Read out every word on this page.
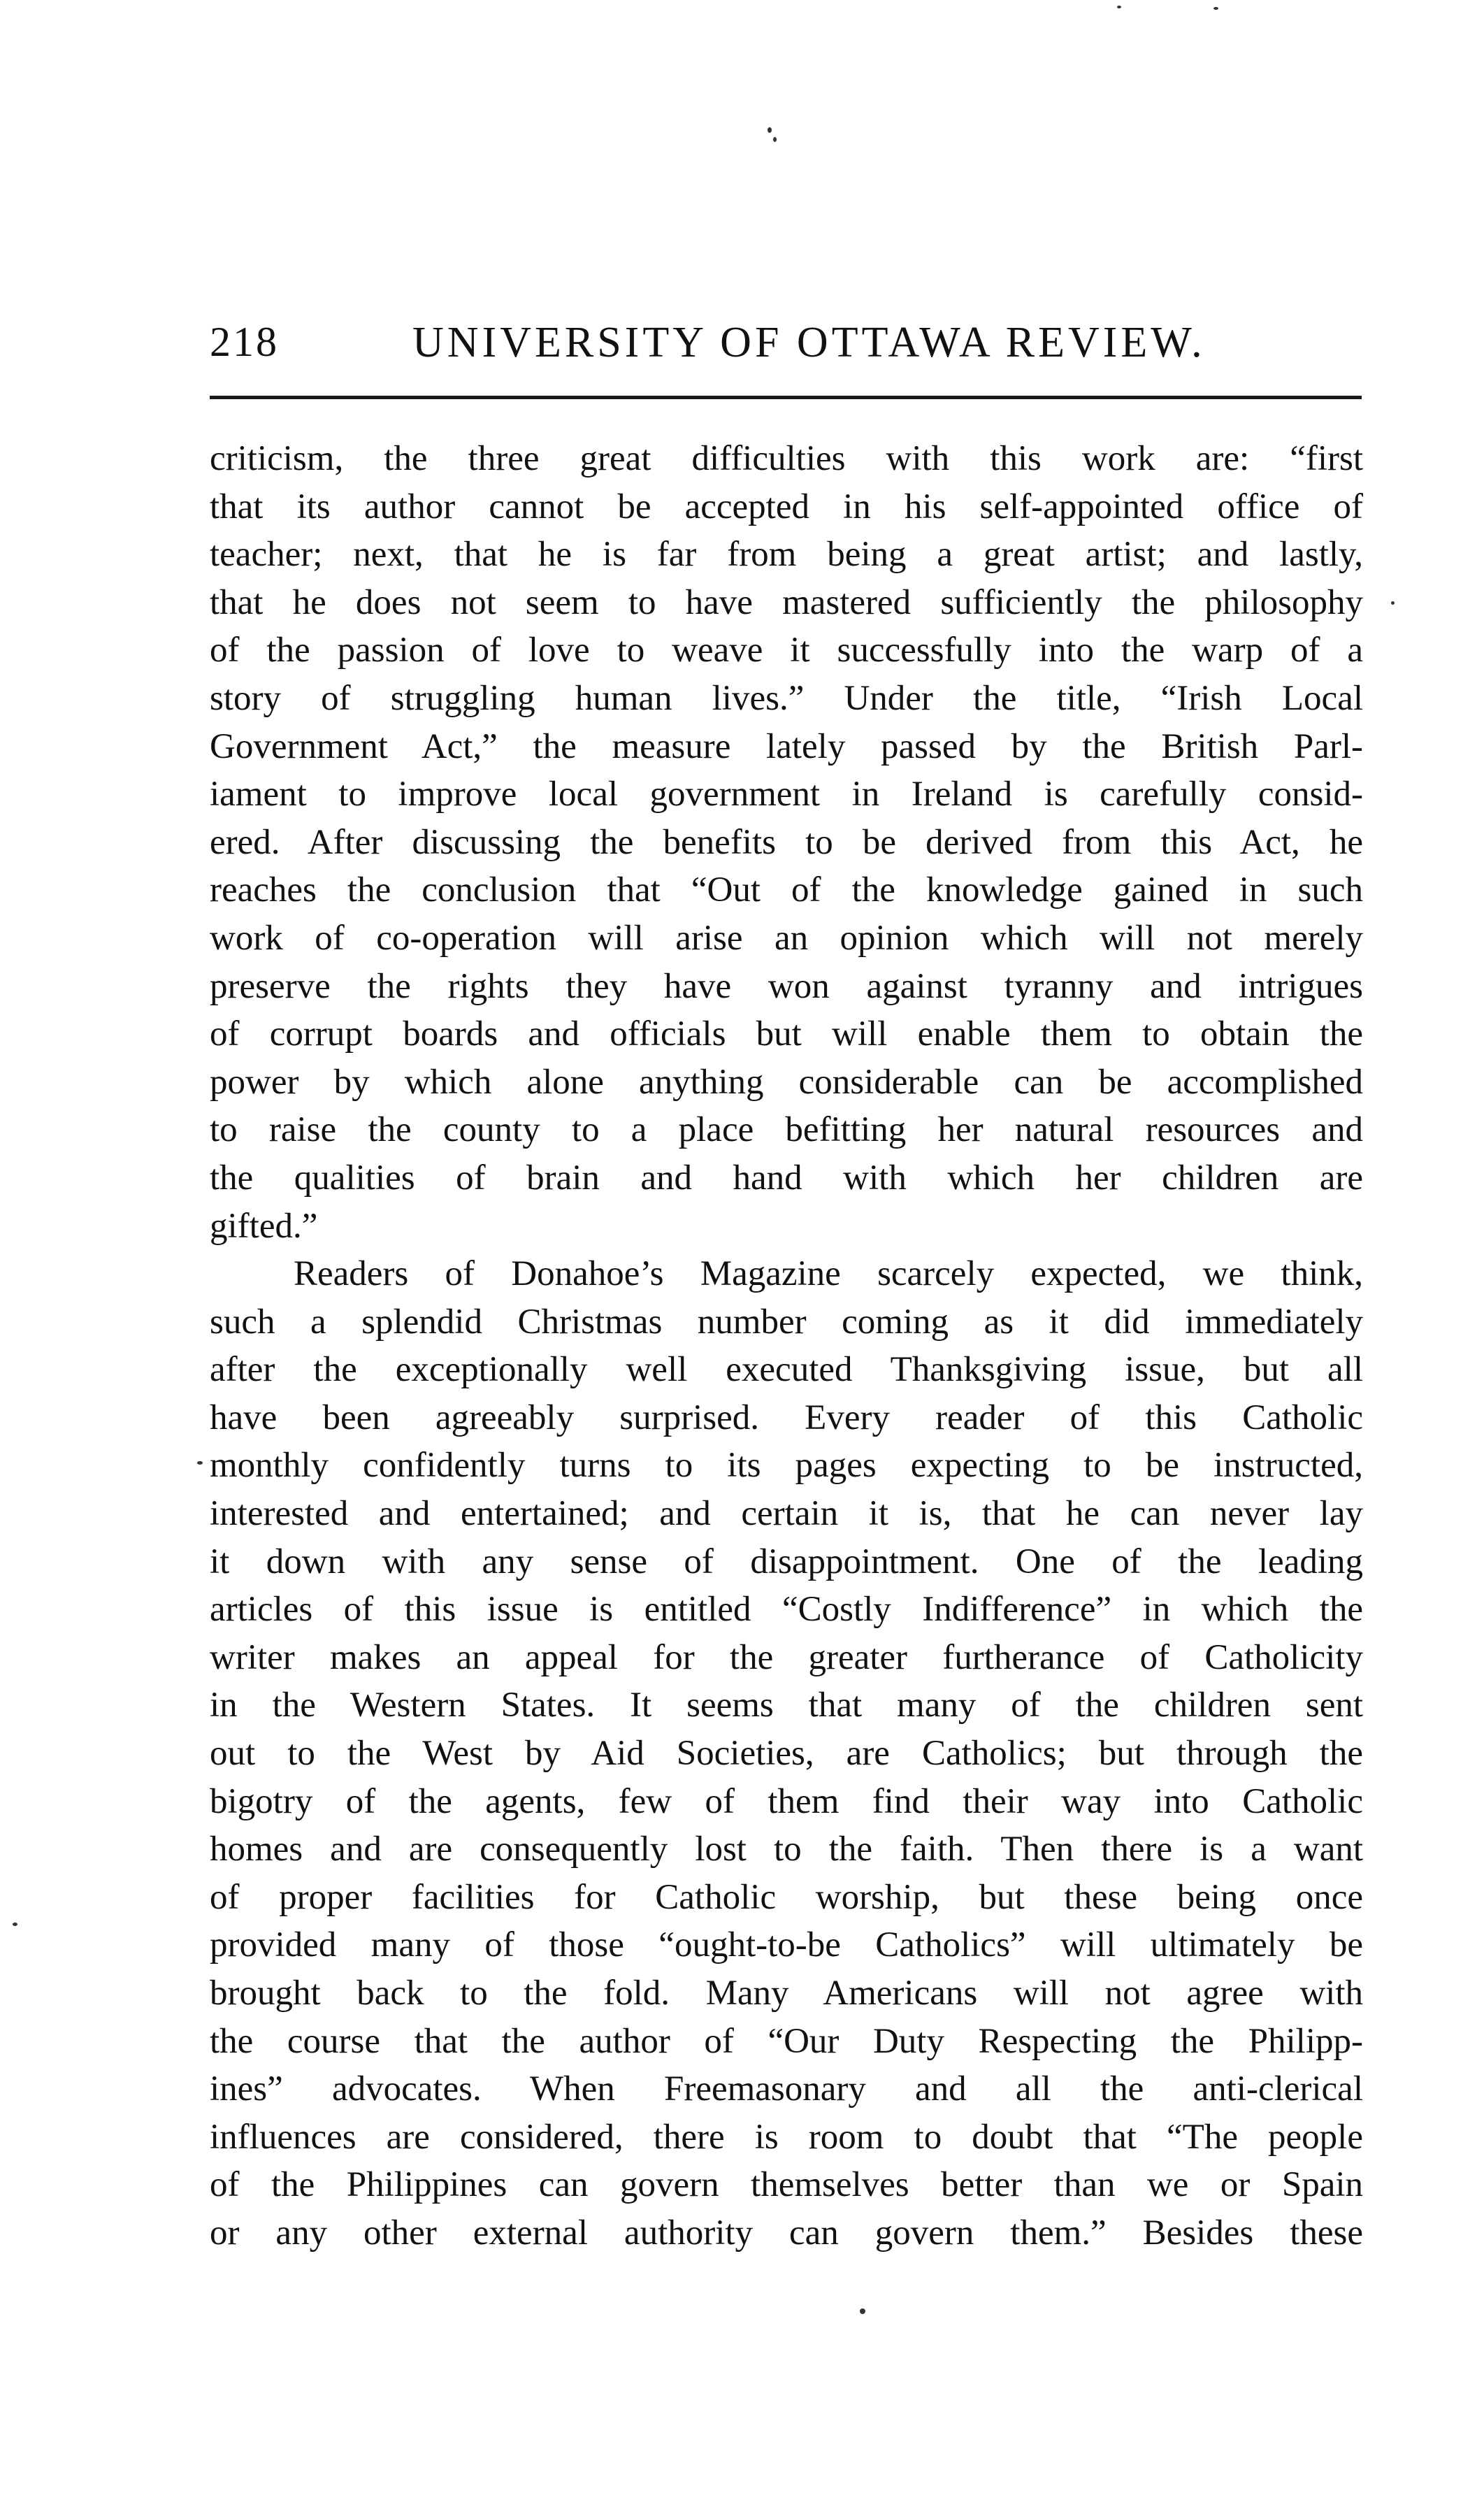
218	UNIVERSITY OF OTTAWA REVIEW.
criticism, the three great difficulties with this work are: “first
that its author cannot be accepted in his self-appointed office of
teacher; next, that he is far from being a great artist; and lastly,
that he does not seem to have mastered sufficiently the philosophy
of the passion of love to weave it successfully into the warp of a
story of struggling human lives.” Under the title, “Irish Local
Government Act,” the measure lately passed by the British Parl-
iament to improve local government in Ireland is carefully consid-
ered. After discussing the benefits to be derived from this Act, he
reaches the conclusion that “Out of the knowledge gained in such
work of co-operation will arise an opinion which will not merely
preserve the rights they have won against tyranny and intrigues
of corrupt boards and officials but will enable them to obtain the
power by which alone anything considerable can be accomplished
to raise the county to a place befitting her natural resources and
the qualities of brain and hand with which her children are
gifted.”
Readers of Donahoe’s Magazine scarcely expected, we think,
such a splendid Christmas number coming as it did immediately
after the exceptionally well executed Thanksgiving issue, but all
have been agreeably surprised. Every reader of this Catholic
monthly confidently turns to its pages expecting to be instructed,
interested and entertained; and certain it is, that he can never lay
it down with any sense of disappointment. One of the leading
articles of this issue is entitled “Costly Indifference” in which the
writer makes an appeal for the greater furtherance of Catholicity
in the Western States. It seems that many of the children sent
out to the West by Aid Societies, are Catholics; but through the
bigotry of the agents, few of them find their way into Catholic
homes and are consequently lost to the faith. Then there is a want
of proper facilities for Catholic worship, but these being once
provided many of those “ought-to-be Catholics” will ultimately be
brought back to the fold. Many Americans will not agree with
the course that the author of “Our Duty Respecting the Philipp-
ines” advocates. When Freemasonary and all the anti-clerical
influences are considered, there is room to doubt that “The people
of the Philippines can govern themselves better than we or Spain
or any other external authority can govern them.” Besides these
